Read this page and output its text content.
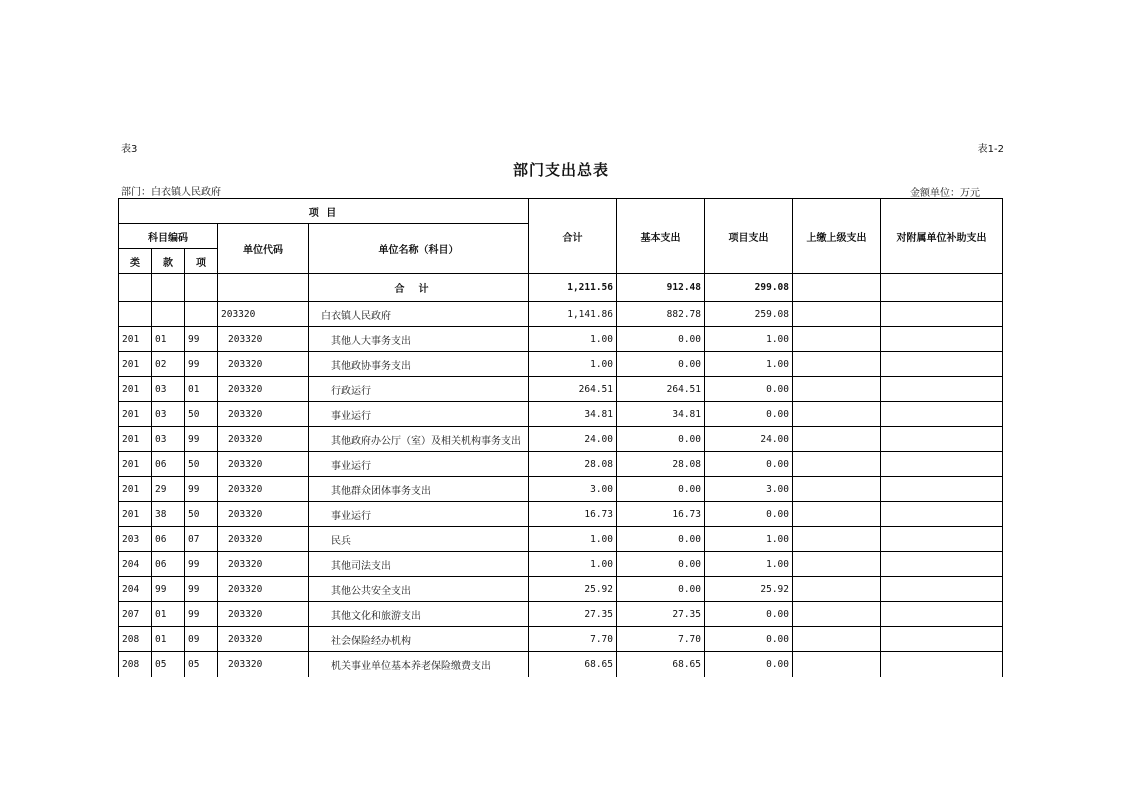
表3	表1-2
部门支出总表
部门：白衣镇人民政府	金额单位：万元
项 目					合计	基本支出	项目支出	上缴上级支出	对附属单位补助支出
科目编码			单位代码	单位名称（科目）					
类	款	项							
				合计	1,211.56	912.48	299.08		
			203320	白衣镇人民政府	1,141.86	882.78	259.08		
201	01	99	203320	其他人大事务支出	1.00	0.00	1.00		
201	02	99	203320	其他政协事务支出	1.00	0.00	1.00		
201	03	01	203320	行政运行	264.51	264.51	0.00		
201	03	50	203320	事业运行	34.81	34.81	0.00		
201	03	99	203320	其他政府办公厅（室）及相关机构事务支出	24.00	0.00	24.00		
201	06	50	203320	事业运行	28.08	28.08	0.00		
201	29	99	203320	其他群众团体事务支出	3.00	0.00	3.00		
201	38	50	203320	事业运行	16.73	16.73	0.00		
203	06	07	203320	民兵	1.00	0.00	1.00		
204	06	99	203320	其他司法支出	1.00	0.00	1.00		
204	99	99	203320	其他公共安全支出	25.92	0.00	25.92		
207	01	99	203320	其他文化和旅游支出	27.35	27.35	0.00		
208	01	09	203320	社会保险经办机构	7.70	7.70	0.00		
208	05	05	203320	机关事业单位基本养老保险缴费支出	68.65	68.65	0.00		
